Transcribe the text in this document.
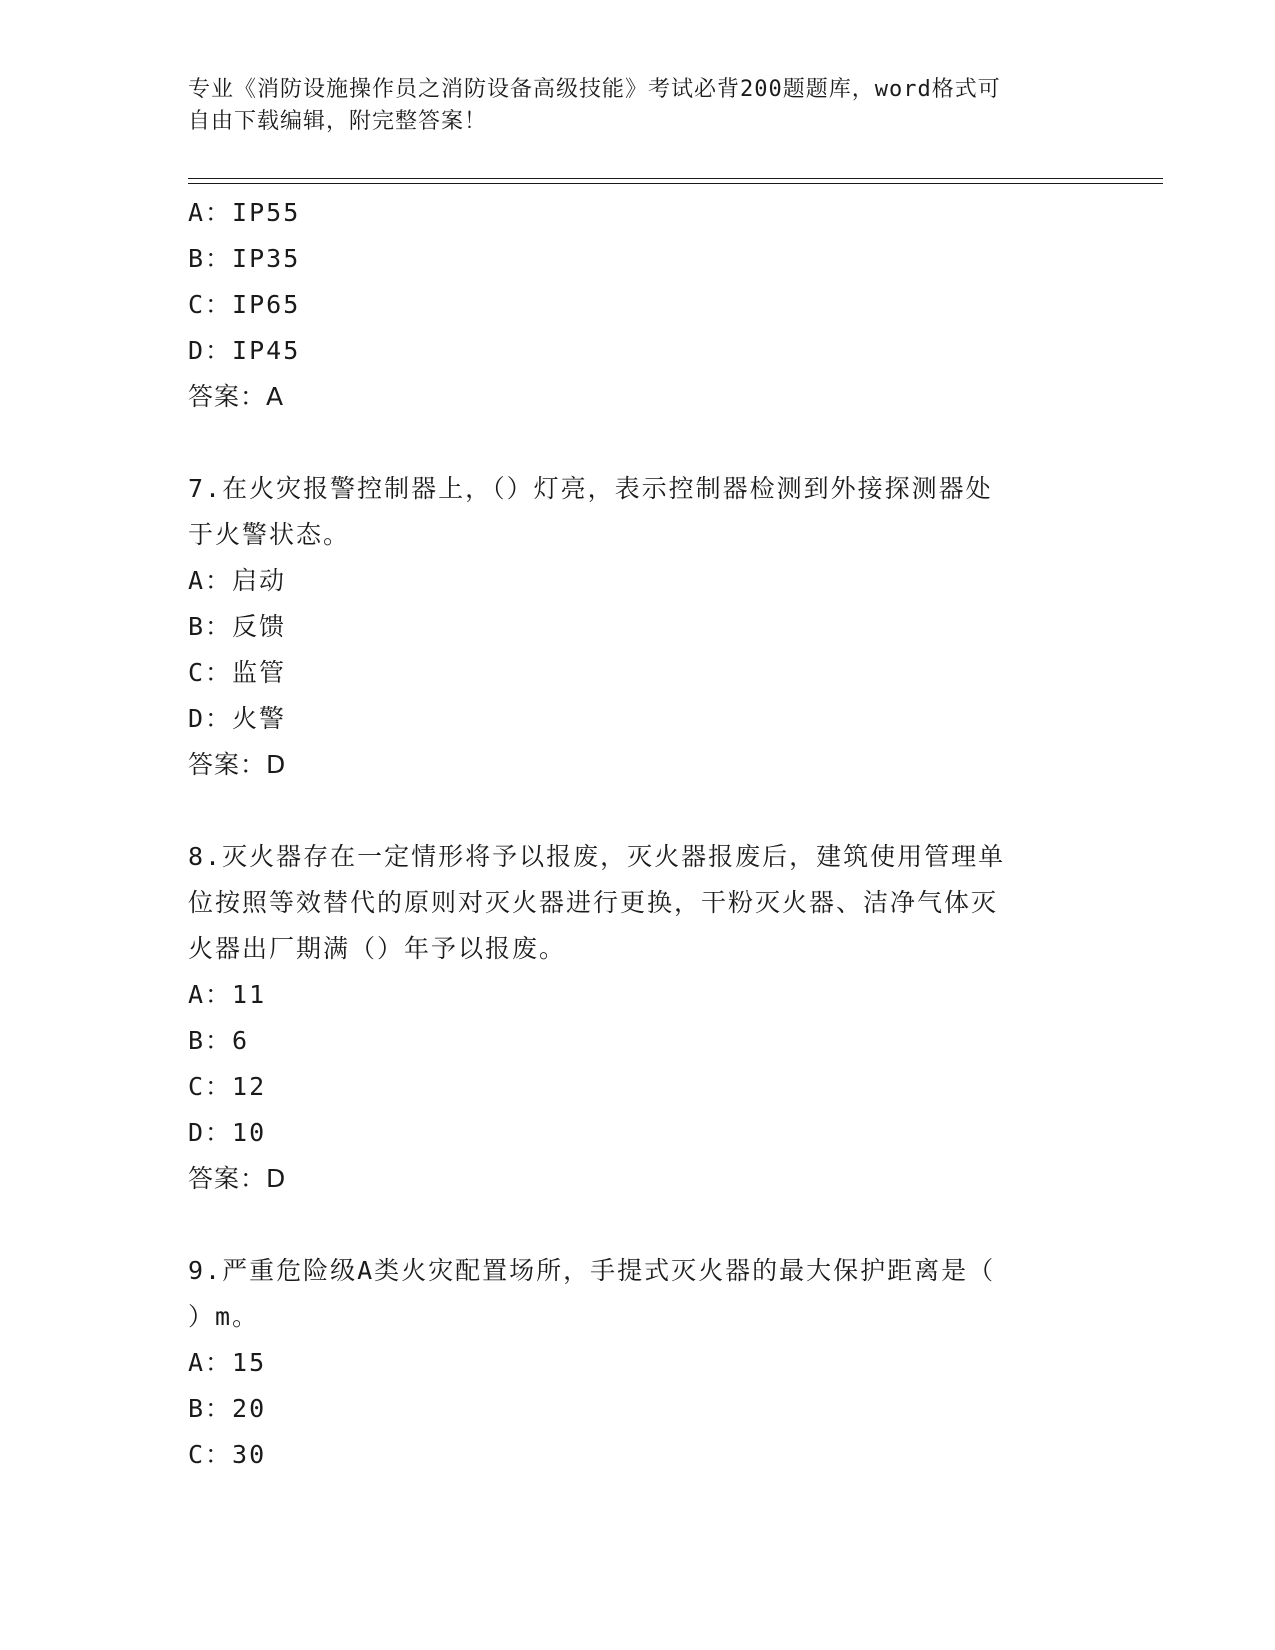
专业《消防设施操作员之消防设备高级技能》考试必背200题题库，word格式可
自由下载编辑，附完整答案！
A：IP55
B：IP35
C：IP65
D：IP45
答案：A
7.在火灾报警控制器上，（）灯亮，表示控制器检测到外接探测器处
于火警状态。
A：启动
B：反馈
C：监管
D：火警
答案：D
8.灭火器存在一定情形将予以报废，灭火器报废后，建筑使用管理单
位按照等效替代的原则对灭火器进行更换，干粉灭火器、洁净气体灭
火器出厂期满（）年予以报废。
A：11
B：6
C：12
D：10
答案：D
9.严重危险级A类火灾配置场所，手提式灭火器的最大保护距离是（
）m。
A：15
B：20
C：30
